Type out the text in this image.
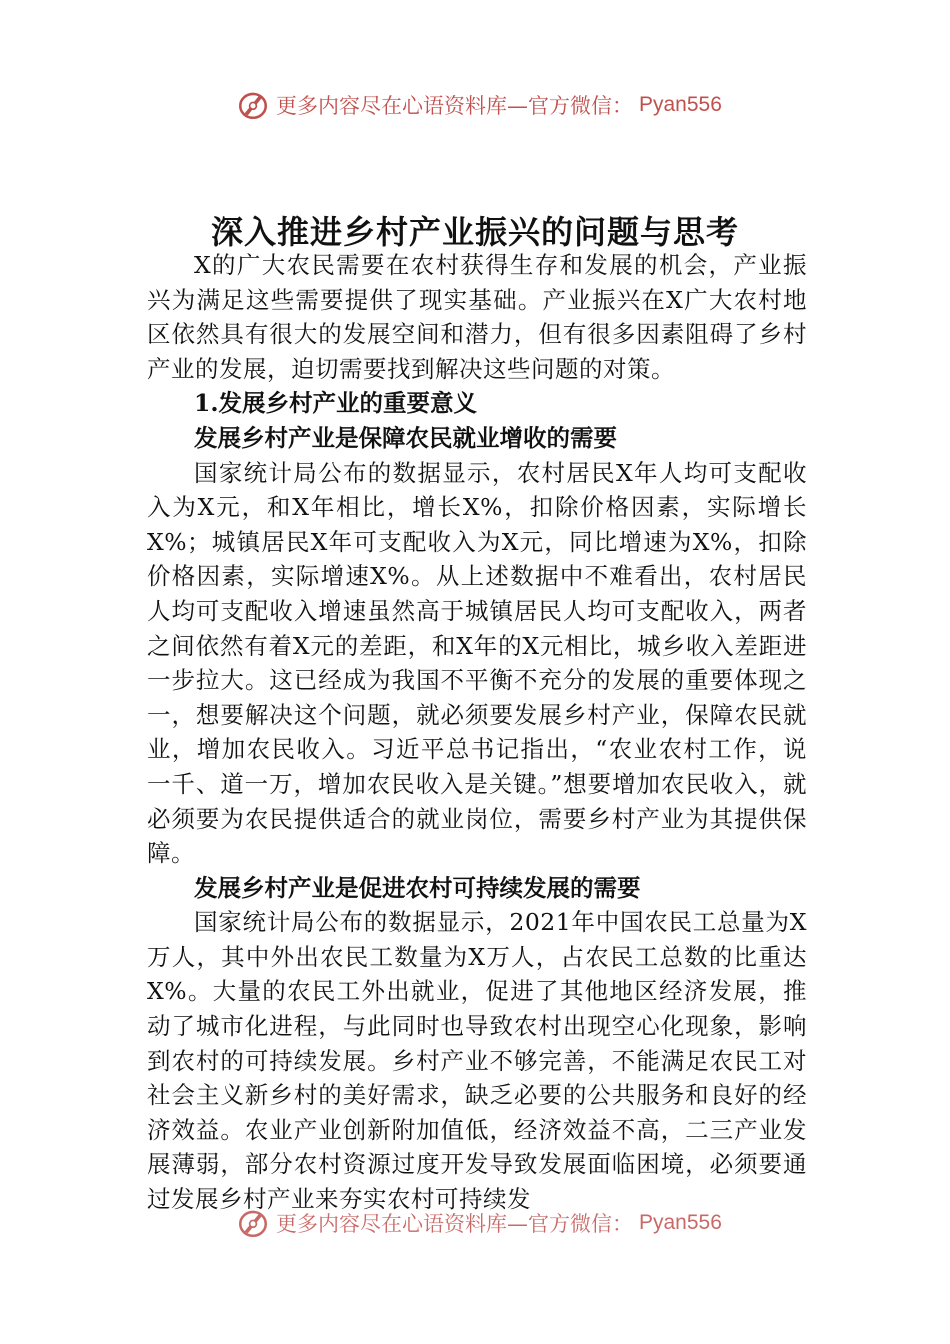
更多内容尽在心语资料库—官方微信： Pyan556
深入推进乡村产业振兴的问题与思考

X的广大农民需要在农村获得生存和发展的机会，产业振兴为满足这些需要提供了现实基础。产业振兴在X广大农村地区依然具有很大的发展空间和潜力，但有很多因素阻碍了乡村产业的发展，迫切需要找到解决这些问题的对策。

1.发展乡村产业的重要意义

发展乡村产业是保障农民就业增收的需要

国家统计局公布的数据显示，农村居民X年人均可支配收入为X元，和X年相比，增长X%，扣除价格因素，实际增长X%；城镇居民X年可支配收入为X元，同比增速为X%，扣除价格因素，实际增速X%。从上述数据中不难看出，农村居民人均可支配收入增速虽然高于城镇居民人均可支配收入，两者之间依然有着X元的差距，和X年的X元相比，城乡收入差距进一步拉大。这已经成为我国不平衡不充分的发展的重要体现之一，想要解决这个问题，就必须要发展乡村产业，保障农民就业，增加农民收入。习近平总书记指出，“农业农村工作，说一千、道一万，增加农民收入是关键。”想要增加农民收入，就必须要为农民提供适合的就业岗位，需要乡村产业为其提供保障。

发展乡村产业是促进农村可持续发展的需要

国家统计局公布的数据显示，2021年中国农民工总量为X万人，其中外出农民工数量为X万人，占农民工总数的比重达X%。大量的农民工外出就业，促进了其他地区经济发展，推动了城市化进程，与此同时也导致农村出现空心化现象，影响到农村的可持续发展。乡村产业不够完善，不能满足农民工对社会主义新乡村的美好需求，缺乏必要的公共服务和良好的经济效益。农业产业创新附加值低，经济效益不高，二三产业发展薄弱，部分农村资源过度开发导致发展面临困境，必须要通过发展乡村产业来夯实农村可持续发

更多内容尽在心语资料库—官方微信： Pyan556
